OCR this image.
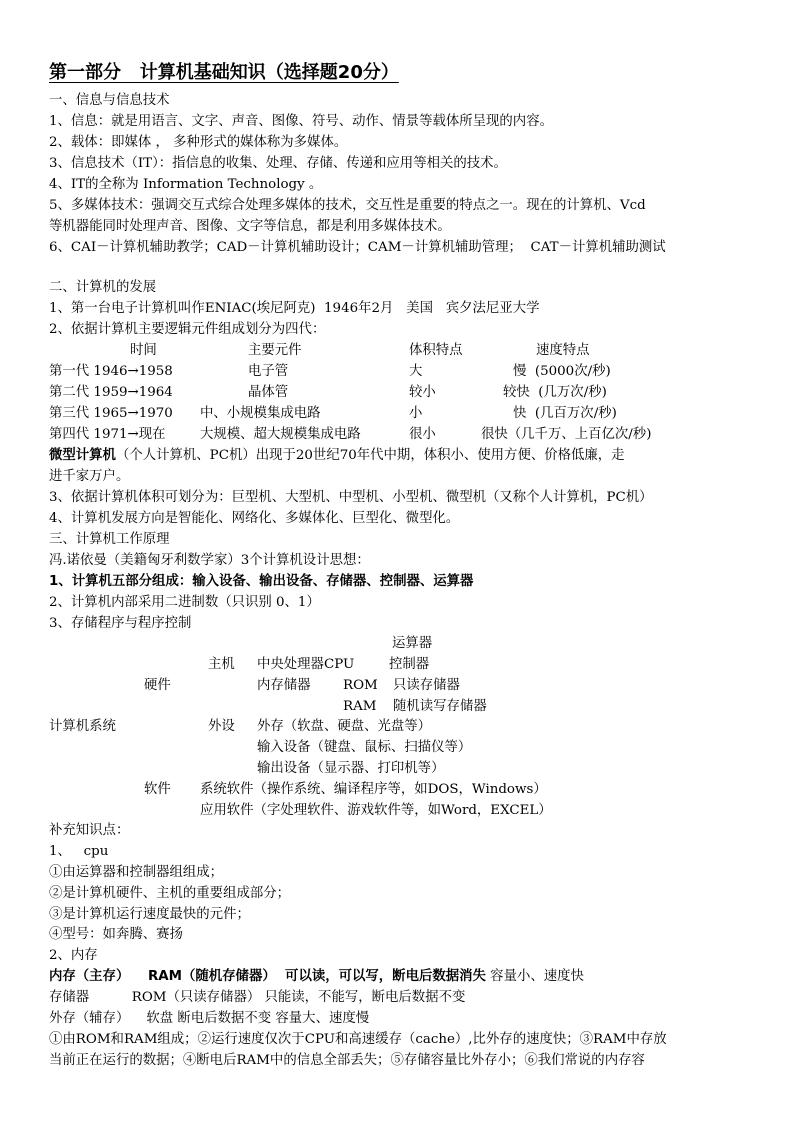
第一部分   计算机基础知识（选择题20分）
一、信息与信息技术
1、信息：就是用语言、文字、声音、图像、符号、动作、情景等载体所呈现的内容。
2、载体：即媒体 ， 多种形式的媒体称为多媒体。
3、信息技术（IT）：指信息的收集、处理、存储、传递和应用等相关的技术。
4、IT的全称为 Information Technology 。
5、多媒体技术：强调交互式综合处理多媒体的技术，交互性是重要的特点之一。现在的计算机、Vcd
等机器能同时处理声音、图像、文字等信息，都是利用多媒体技术。
6、CAI－计算机辅助教学；CAD－计算机辅助设计；CAM－计算机辅助管理；  CAT－计算机辅助测试
二、计算机的发展
1、第一台电子计算机叫作ENIAC(埃尼阿克)  1946年2月   美国   宾夕法尼亚大学
2、依据计算机主要逻辑元件组成划分为四代：
时间	主要元件	体积特点	速度特点
第一代 1946→1958	电子管	大	慢  (5000次/秒)
第二代 1959→1964	晶体管	较小	较快  (几万次/秒)
第三代 1965→1970 中、小规模集成电路	小	快  (几百万次/秒)
第四代 1971→现在	大规模、超大规模集成电路	很小	很快（几千万、上百亿次/秒)
微型计算机（个人计算机、PC机）出现于20世纪70年代中期，体积小、使用方便、价格低廉，走
进千家万户。
3、依据计算机体积可划分为：巨型机、大型机、中型机、小型机、微型机（又称个人计算机，PC机）
4、计算机发展方向是智能化、网络化、多媒体化、巨型化、微型化。
三、计算机工作原理
冯.诺依曼（美籍匈牙利数学家）3个计算机设计思想：
1、计算机五部分组成：输入设备、输出设备、存储器、控制器、运算器
2、计算机内部采用二进制数（只识别 0、1）
3、存储程序与程序控制
运算器
主机 中央处理器CPU	控制器
硬件	内存储器 ROM 只读存储器
RAM 随机读写存储器
计算机系统	外设 外存（软盘、硬盘、光盘等）
输入设备（键盘、鼠标、扫描仪等）
输出设备（显示器、打印机等）
软件 系统软件（操作系统、编译程序等，如DOS，Windows）
应用软件（字处理软件、游戏软件等，如Word，EXCEL）
补充知识点：
1、   cpu
①由运算器和控制器组组成；
②是计算机硬件、主机的重要组成部分；
③是计算机运行速度最快的元件；
④型号：如奔腾、赛扬
2、内存
内存（主存）    RAM（随机存储器）  可以读，可以写，断电后数据消失 容量小、速度快
存储器          ROM（只读存储器） 只能读，不能写，断电后数据不变
外存（辅存）    软盘 断电后数据不变 容量大、速度慢
①由ROM和RAM组成；②运行速度仅次于CPU和高速缓存（cache）,比外存的速度快；③RAM中存放
当前正在运行的数据；④断电后RAM中的信息全部丢失；⑤存储容量比外存小；⑥我们常说的内存容
